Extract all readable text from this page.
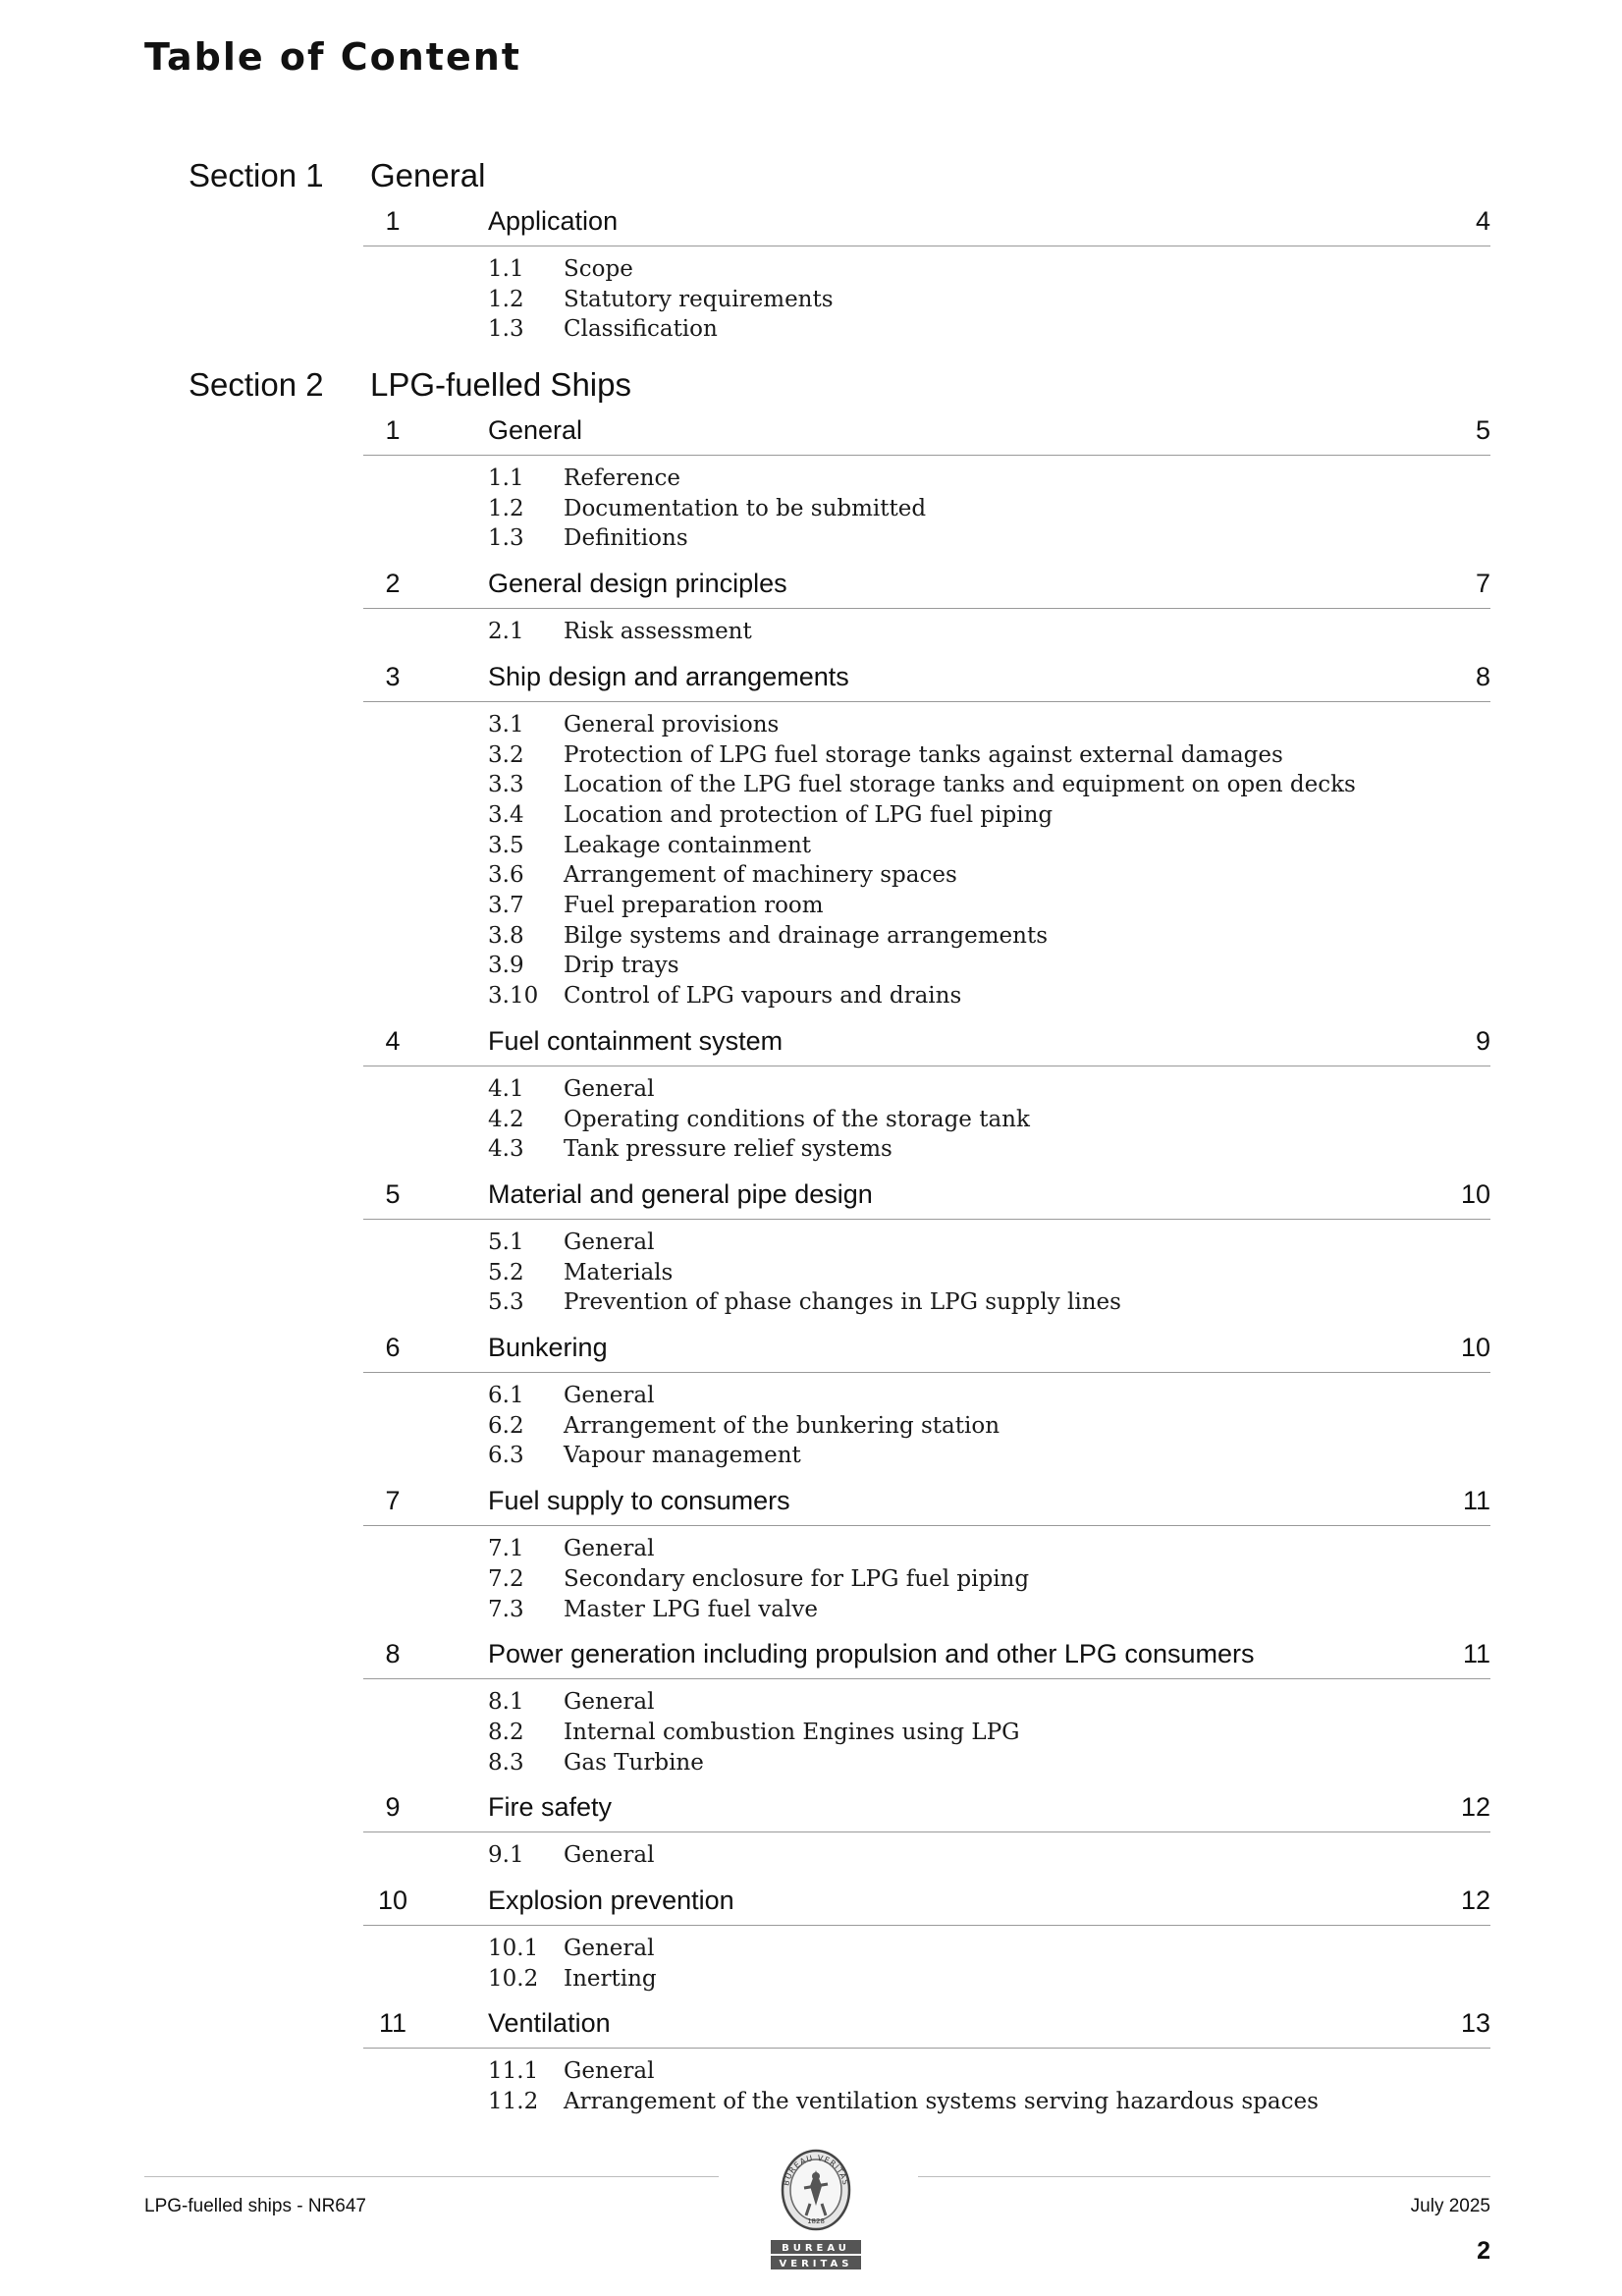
Table of Content
Section 1 General
1	Application	4
1.1 Scope
1.2 Statutory requirements
1.3 Classification
Section 2 LPG-fuelled Ships
1	General	5
1.1 Reference
1.2 Documentation to be submitted
1.3 Definitions
2	General design principles	7
2.1 Risk assessment
3	Ship design and arrangements	8
3.1 General provisions
3.2 Protection of LPG fuel storage tanks against external damages
3.3 Location of the LPG fuel storage tanks and equipment on open decks
3.4 Location and protection of LPG fuel piping
3.5 Leakage containment
3.6 Arrangement of machinery spaces
3.7 Fuel preparation room
3.8 Bilge systems and drainage arrangements
3.9 Drip trays
3.10 Control of LPG vapours and drains
4	Fuel containment system	9
4.1 General
4.2 Operating conditions of the storage tank
4.3 Tank pressure relief systems
5	Material and general pipe design	10
5.1 General
5.2 Materials
5.3 Prevention of phase changes in LPG supply lines
6	Bunkering	10
6.1 General
6.2 Arrangement of the bunkering station
6.3 Vapour management
7	Fuel supply to consumers	11
7.1 General
7.2 Secondary enclosure for LPG fuel piping
7.3 Master LPG fuel valve
8	Power generation including propulsion and other LPG consumers	11
8.1 General
8.2 Internal combustion Engines using LPG
8.3 Gas Turbine
9	Fire safety	12
9.1 General
10	Explosion prevention	12
10.1 General
10.2 Inerting
11	Ventilation	13
11.1 General
11.2 Arrangement of the ventilation systems serving hazardous spaces
LPG-fuelled ships - NR647	July 2025
2
BUREAU VERITAS
1828
BUREAU
VERITAS
